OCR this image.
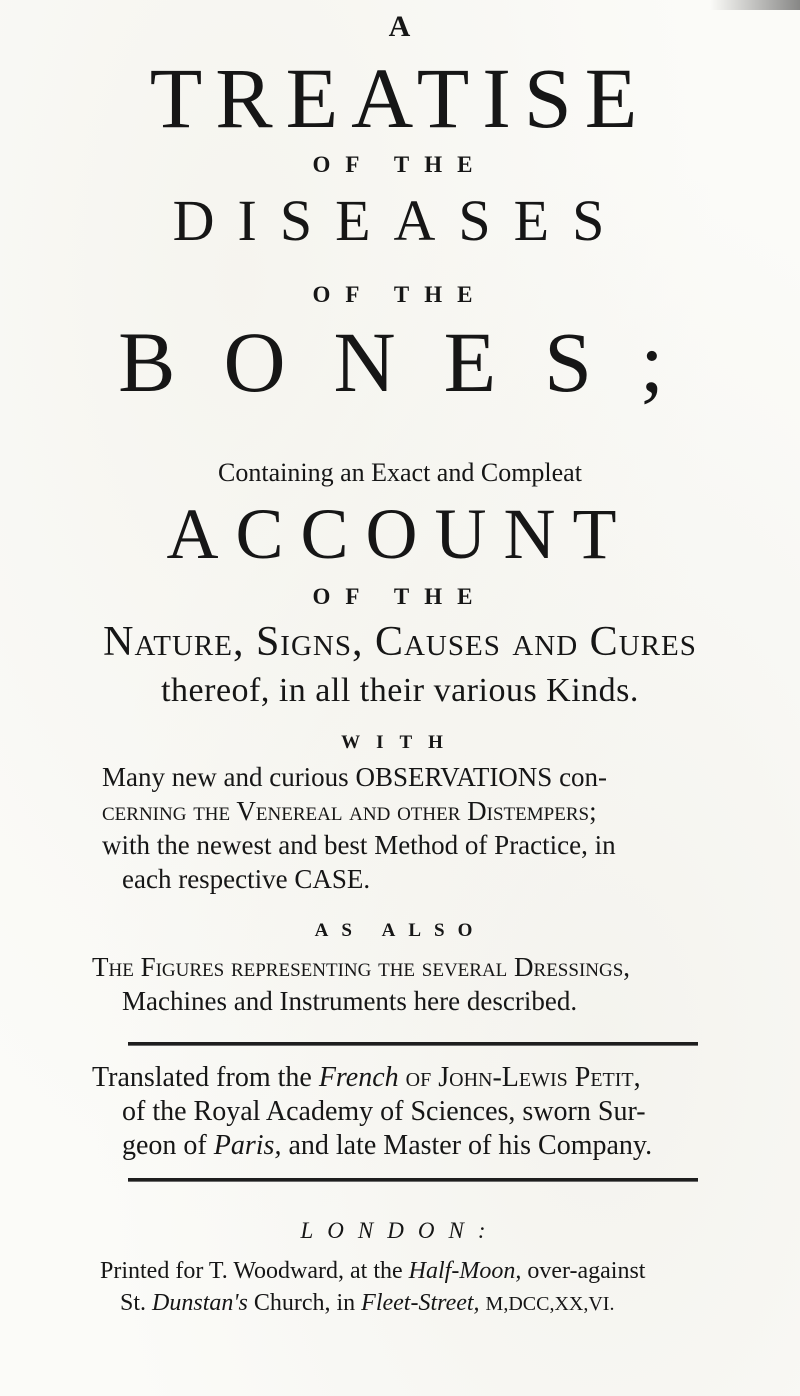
A
TREATISE
OF THE
DISEASES
OF THE
BONES;
Containing an Exact and Compleat
ACCOUNT
OF THE
Nature, Signs, Causes and Cures
thereof, in all their various Kinds.
WITH
Many new and curious OBSERVATIONS con-
cerning the Venereal and other Distempers;
with the newest and best Method of Practice, in
each respective CASE.
AS ALSO
The Figures representing the several Dressings,
Machines and Instruments here described.
Translated from the French of John-Lewis Petit,
of the Royal Academy of Sciences, sworn Sur-
geon of Paris, and late Master of his Company.
LONDON:
Printed for T. Woodward, at the Half-Moon, over-against
St. Dunstan's Church, in Fleet-Street, M,DCC,XX,VI.
